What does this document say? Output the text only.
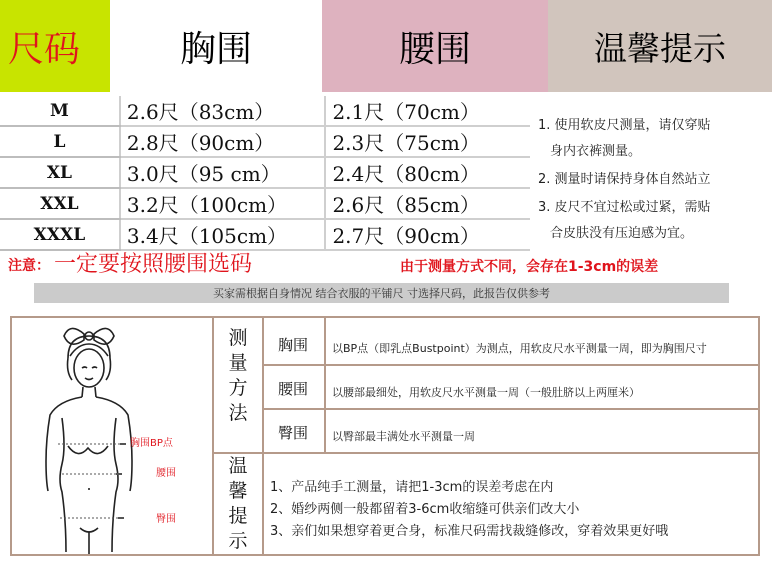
尺码	胸围	腰围	温馨提示
M	2.6尺（83cm）	2.1尺（70cm）
L	2.8尺（90cm）	2.3尺（75cm）
XL	3.0尺（95 cm）	2.4尺（80cm）
XXL	3.2尺（100cm）	2.6尺（85cm）
XXXL	3.4尺（105cm）	2.7尺（90cm）
1. 使用软皮尺测量，请仅穿贴
身内衣裤测量。
2. 测量时请保持身体自然站立
3. 皮尺不宜过松或过紧，需贴
合皮肤没有压迫感为宜。
注意： 一定要按照腰围选码	由于测量方式不同，会存在1-3cm的误差
买家需根据自身情况 结合衣服的平铺尺 寸选择尺码，此报告仅供参考
胸围BP点
腰围
臀围
测
量
方
法
温
馨
提
示
胸围	以BP点（即乳点Bustpoint）为测点，用软皮尺水平测量一周，即为胸围尺寸
腰围	以腰部最细处，用软皮尺水平测量一周（一般肚脐以上两厘米）
臀围	以臀部最丰满处水平测量一周
1、产品纯手工测量，请把1-3cm的误差考虑在内
2、婚纱两侧一般都留着3-6cm收缩缝可供亲们改大小
3、亲们如果想穿着更合身，标准尺码需找裁缝修改，穿着效果更好哦
